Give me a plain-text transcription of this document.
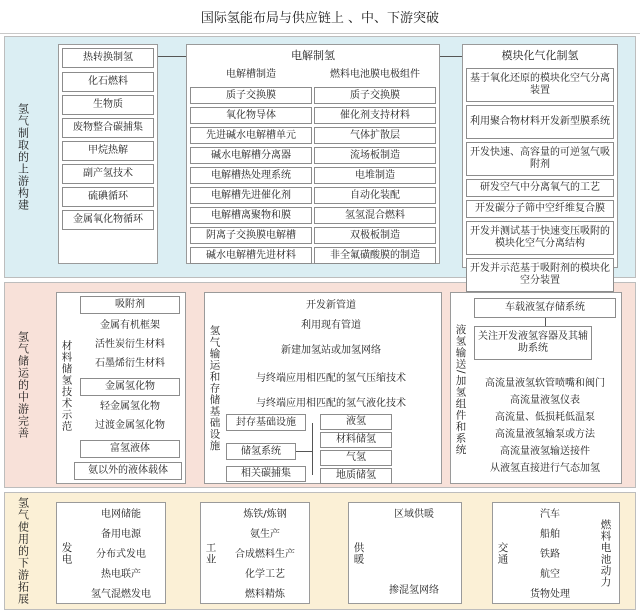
国际氢能布局与供应链上 、中、下游突破
氢气制取的上游构建
氢气储运的中游完善
氢气使用的下游拓展
热转换制氢
化石燃料
生物质
废物整合碳捕集
甲烷热解
副产氢技术
硫碘循环
金属氧化物循环
电解制氢
电解槽制造	燃料电池膜电极组件
质子交换膜
氧化物导体
先进碱水电解槽单元
碱水电解槽分离器
电解槽热处理系统
电解槽先进催化剂
电解槽离聚物和膜
阴离子交换膜电解槽
碱水电解槽先进材料
质子交换膜
催化剂支持材料
气体扩散层
流场板制造
电堆制造
自动化装配
氢氢混合燃料
双极板制造
非全氟磺酸膜的制造
模块化气化制氢
基于氧化还原的模块化空气分离装置
利用聚合物材料开发新型膜系统
开发快速、高容量的可逆氢气吸附剂
研发空气中分离氧气的工艺
开发碳分子筛中空纤维复合膜
开发并测试基于快速变压吸附的模块化空气分离结构
开发并示范基于吸附剂的模块化空分装置
材料储氢技术示范
吸附剂
金属有机框架
活性炭衍生材料
石墨烯衍生材料
金属氢化物
轻金属氢化物
过渡金属氢化物
富氢液体
氨以外的液体载体
氢气输运和存储基础设施
开发新管道
利用现有管道
新建加氢站或加氢网络
与终端应用相匹配的氢气压缩技术
与终端应用相匹配的氢气液化技术
封存基础设施
储氢系统
相关碳捕集
液氢
材料储氢
气氢
地质储氢
液氢输送/加氢组件和系统
车载液氢存储系统
关注开发液氢容器及其辅助系统
高流量液氢软管喷嘴和阀门
高流量液氢仪表
高流量、低损耗低温泵
高流量液氢输泵或方法
高流量液氢输送接件
从液氢直接进行气态加氢
发电
电网储能
备用电源
分布式发电
热电联产
氢气混燃发电
工业
炼铁/炼钢
氨生产
合成燃料生产
化学工艺
燃料精炼
供暖
区域供暖
掺混氢网络
交通
汽车
船舶
铁路
航空
货物处理
燃料电池动力
